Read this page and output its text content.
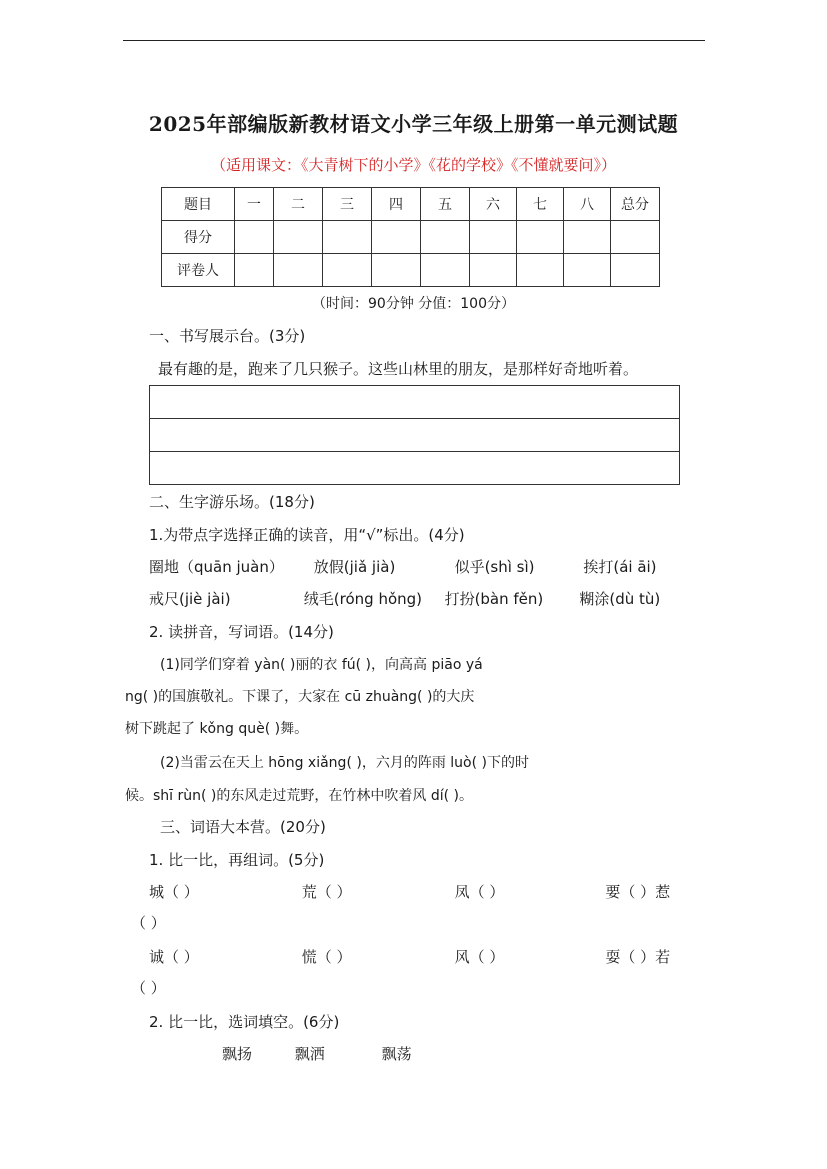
2025年部编版新教材语文小学三年级上册第一单元测试题
（适用课文：《大青树下的小学》《花的学校》《不懂就要问》）
题目	一	二	三	四	五	六	七	八	总分
得分									
评卷人									
（时间：90分钟 分值：100分）
一、书写展示台。(3分)
最有趣的是，跑来了几只猴子。这些山林里的朋友，是那样好奇地听着。
二、生字游乐场。(18分)
1.为带点字选择正确的读音，用“√”标出。(4分)
圈地（quān juàn） 放假(jiǎ jià)	似乎(shì sì)	挨打(ái āi)
戒尺(jiè jài)	绒毛(róng hǒng) 打扮(bàn fěn) 糊涂(dù tù)
2. 读拼音，写词语。(14分)
(1)同学们穿着 yàn( )丽的衣 fú( )，向高高 piāo yá
ng( )的国旗敬礼。下课了，大家在 cū zhuàng( )的大庆
树下跳起了 kǒng què( )舞。
(2)当雷云在天上 hōng xiǎng( )，六月的阵雨 luò( )下的时
候。shī rùn( )的东风走过荒野，在竹林中吹着风 dí( )。
三、词语大本营。(20分)
1. 比一比，再组词。(5分)
城（ ）	荒（ ）	凤（ ）	要（ ）惹
（ ）
诚（ ）	慌（ ）	风（ ）	耍（ ）若
（ ）
2. 比一比，选词填空。(6分)
飘扬	飘洒	飘荡
